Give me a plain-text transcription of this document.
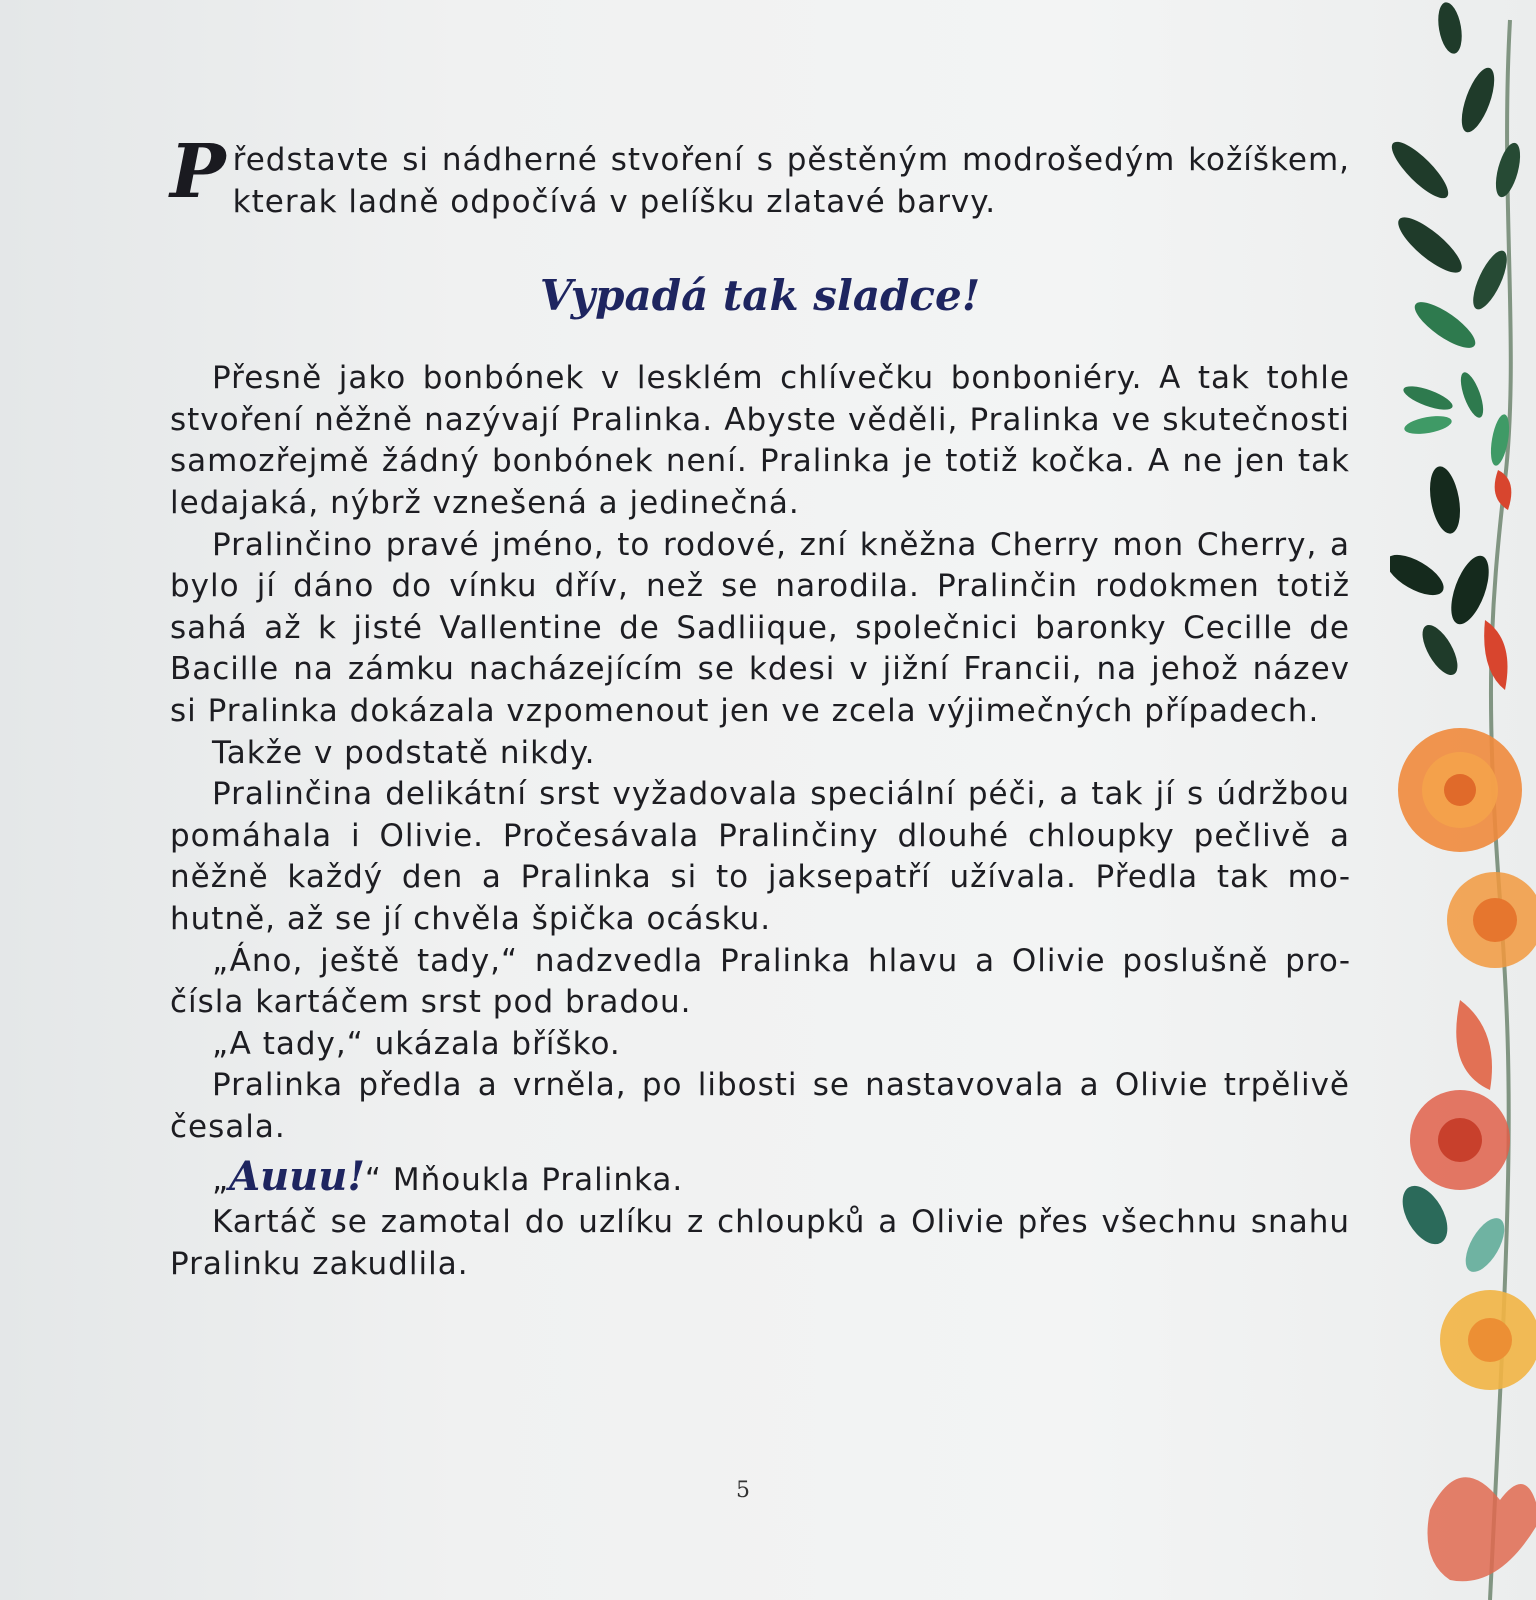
Představte si nádherné stvoření s pěstěným modrošedým kožíškem, kterak ladně odpočívá v pelíšku zlatavé barvy.

Vypadá tak sladce!

Přesně jako bonbónek v lesklém chlívečku bonboniéry. A tak tohle stvoření něžně nazývají Pralinka. Abyste věděli, Pralinka ve skutečnosti samozřejmě žádný bonbónek není. Pralinka je totiž kočka. A ne jen tak ledajaká, nýbrž vznešená a jedinečná.

Pralinčino pravé jméno, to rodové, zní kněžna Cherry mon Cherry, a bylo jí dáno do vínku dřív, než se narodila. Pralinčin rodokmen totiž sahá až k jisté Vallentine de Sadliique, společnici baronky Cecille de Bacille na zámku nacházejícím se kdesi v jižní Francii, na jehož název si Pralinka dokázala vzpomenout jen ve zcela výjimečných případech.

Takže v podstatě nikdy.

Pralinčina delikátní srst vyžadovala speciální péči, a tak jí s údržbou pomáhala i Olivie. Pročesávala Pralinčiny dlouhé chloupky pečlivě a něžně každý den a Pralinka si to jaksepatří užívala. Předla tak mohutně, až se jí chvěla špička ocásku.

„Áno, ještě tady,“ nadzvedla Pralinka hlavu a Olivie poslušně pročísla kartáčem srst pod bradou.

„A tady,“ ukázala bříško.

Pralinka předla a vrněla, po libosti se nastavovala a Olivie trpělivě česala.

„Auuu!“ Mňoukla Pralinka.

Kartáč se zamotal do uzlíku z chloupků a Olivie přes všechnu snahu Pralinku zakudlila.

5
